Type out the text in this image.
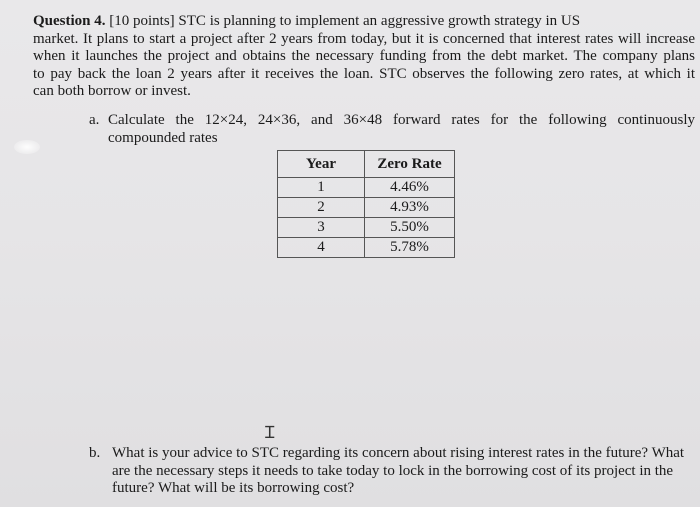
Question 4. [10 points] STC is planning to implement an aggressive growth strategy in US
market. It plans to start a project after 2 years from today, but it is concerned that interest rates will increase
when it launches the project and obtains the necessary funding from the debt market. The company plans
to pay back the loan 2 years after it receives the loan. STC observes the following zero rates, at which it
can both borrow or invest.
a. Calculate the 12×24, 24×36, and 36×48 forward rates for the following continuously
compounded rates
Year	Zero Rate
1	4.46%
2	4.93%
3	5.50%
4	5.78%
Ɪ
b. What is your advice to STC regarding its concern about rising interest rates in the future? What
are the necessary steps it needs to take today to lock in the borrowing cost of its project in the
future? What will be its borrowing cost?
